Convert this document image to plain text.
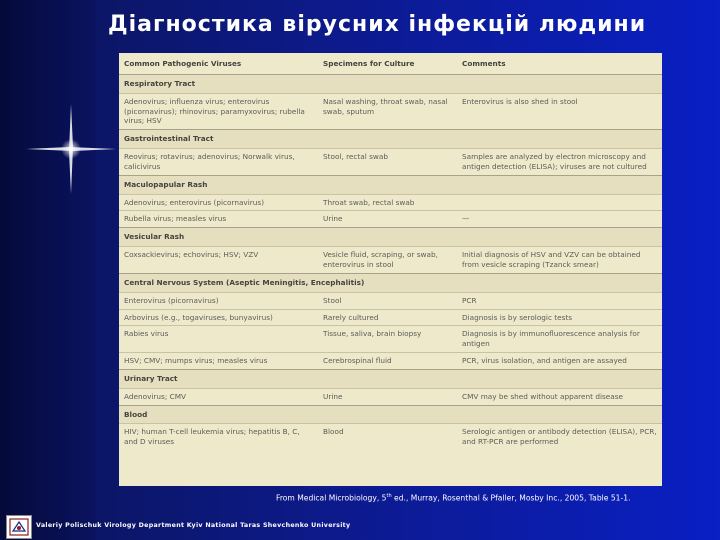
Діагностика вірусних інфекцій людини
Common Pathogenic Viruses	Specimens for Culture	Comments
Respiratory Tract		
Adenovirus; influenza virus; enterovirus (picornavirus); rhinovirus; paramyxovirus; rubella virus; HSV	Nasal washing, throat swab, nasal swab, sputum	Enterovirus is also shed in stool
Gastrointestinal Tract		
Reovirus; rotavirus; adenovirus; Norwalk virus, calicivirus	Stool, rectal swab	Samples are analyzed by electron microscopy and antigen detection (ELISA); viruses are not cultured
Maculopapular Rash		
Adenovirus; enterovirus (picornavirus)	Throat swab, rectal swab	
Rubella virus; measles virus	Urine	—
Vesicular Rash		
Coxsackievirus; echovirus; HSV; VZV	Vesicle fluid, scraping, or swab, enterovirus in stool	Initial diagnosis of HSV and VZV can be obtained from vesicle scraping (Tzanck smear)
Central Nervous System (Aseptic Meningitis, Encephalitis)		
Enterovirus (picornavirus)	Stool	PCR
Arbovirus (e.g., togaviruses, bunyavirus)	Rarely cultured	Diagnosis is by serologic tests
Rabies virus	Tissue, saliva, brain biopsy	Diagnosis is by immunofluorescence analysis for antigen
HSV; CMV; mumps virus; measles virus	Cerebrospinal fluid	PCR, virus isolation, and antigen are assayed
Urinary Tract		
Adenovirus; CMV	Urine	CMV may be shed without apparent disease
Blood		
HIV; human T-cell leukemia virus; hepatitis B, C, and D viruses	Blood	Serologic antigen or antibody detection (ELISA), PCR, and RT-PCR are performed
From Medical Microbiology, 5th ed., Murray, Rosenthal & Pfaller, Mosby Inc., 2005, Table 51-1.
Valeriy Polischuk Virology Department Kyiv National Taras Shevchenko University
